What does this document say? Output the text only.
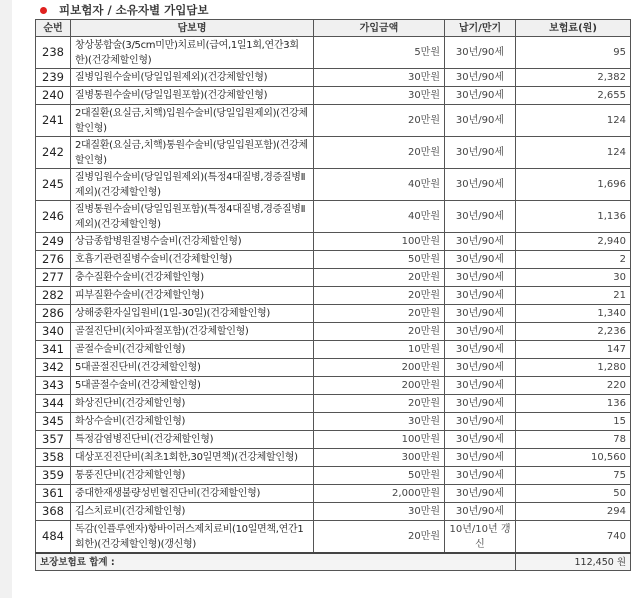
피보험자 / 소유자별 가입담보
순번	담보명	가입금액	납기/만기	보험료(원)
238	창상봉합술(3/5cm미만)치료비(급여,1일1회,연간3회한)(건강체할인형)	5만원	30년/90세	95
239	질병입원수술비(당일입원제외)(건강체할인형)	30만원	30년/90세	2,382
240	질병통원수술비(당일입원포함)(건강체할인형)	30만원	30년/90세	2,655
241	2대질환(요실금,치핵)입원수술비(당일입원제외)(건강체할인형)	20만원	30년/90세	124
242	2대질환(요실금,치핵)통원수술비(당일입원포함)(건강체할인형)	20만원	30년/90세	124
245	질병입원수술비(당일입원제외)(특정4대질병,경증질병Ⅱ제외)(건강체할인형)	40만원	30년/90세	1,696
246	질병통원수술비(당일입원포함)(특정4대질병,경증질병Ⅱ제외)(건강체할인형)	40만원	30년/90세	1,136
249	상급종합병원질병수술비(건강체할인형)	100만원	30년/90세	2,940
276	호흡기관련질병수술비(건강체할인형)	50만원	30년/90세	2
277	충수질환수술비(건강체할인형)	20만원	30년/90세	30
282	피부질환수술비(건강체할인형)	20만원	30년/90세	21
286	상해중환자실입원비(1일-30일)(건강체할인형)	20만원	30년/90세	1,340
340	골절진단비(치아파절포함)(건강체할인형)	20만원	30년/90세	2,236
341	골절수술비(건강체할인형)	10만원	30년/90세	147
342	5대골절진단비(건강체할인형)	200만원	30년/90세	1,280
343	5대골절수술비(건강체할인형)	200만원	30년/90세	220
344	화상진단비(건강체할인형)	20만원	30년/90세	136
345	화상수술비(건강체할인형)	30만원	30년/90세	15
357	특정감염병진단비(건강체할인형)	100만원	30년/90세	78
358	대상포진진단비(최초1회한,30일면책)(건강체할인형)	300만원	30년/90세	10,560
359	통풍진단비(건강체할인형)	50만원	30년/90세	75
361	중대한재생불량성빈혈진단비(건강체할인형)	2,000만원	30년/90세	50
368	깁스치료비(건강체할인형)	30만원	30년/90세	294
484	독감(인플루엔자)항바이러스제치료비(10일면책,연간1회한)(건강체할인형)(갱신형)	20만원	10년/10년 갱신	740
보장보험료 합계 :				112,450 원
